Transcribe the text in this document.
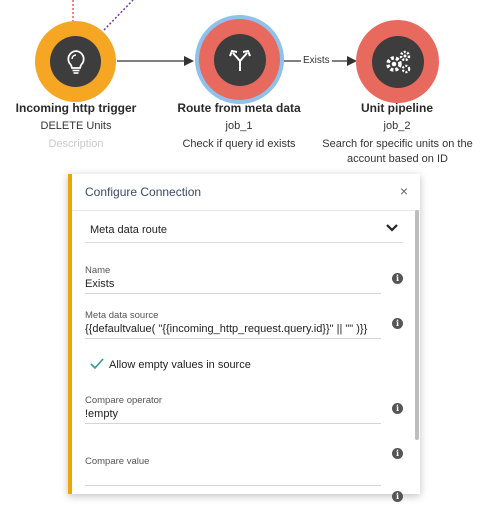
Exists
Incoming http trigger
DELETE Units
Description
Route from meta data
job_1
Check if query id exists
Unit pipeline
job_2
Search for specific units on the account based on ID
Configure Connection	×
Meta data route
Name
Exists	i
Meta data source
{{defaultvalue( "{{incoming_http_request.query.id}}" || "" )}}	i
Allow empty values in source
Compare operator
!empty	i
Compare value
i
i
